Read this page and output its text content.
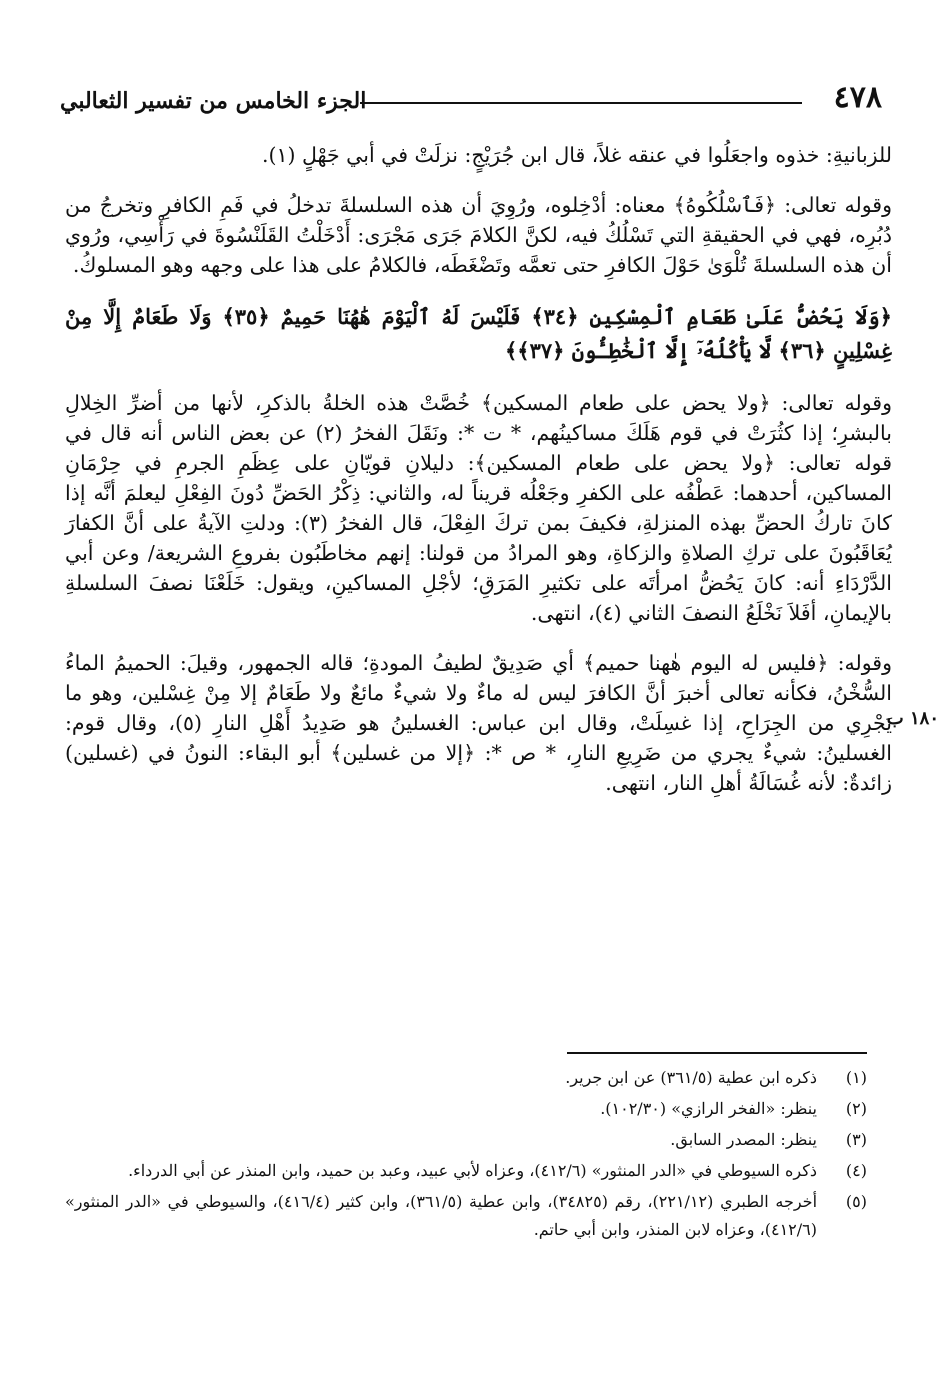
٤٧٨
الجزء الخامس من تفسير الثعالبي
١٨٠ ب

للزبانيةِ: خذوه واجعَلُوا في عنقه غلاً، قال ابن جُرَيْجٍ: نزلَتْ في أبي جَهْلٍ (١).

وقوله تعالى: ﴿فَٱسْلُكُوهُ﴾ معناه: أدْخِلوه، ورُوِيَ أن هذه السلسلةَ تدخلُ في فَمِ الكافرِ وتخرجُ من دُبُرِه، فهي في الحقيقةِ التي تَسْلُكُ فيه، لكنَّ الكلامَ جَرَى مَجْرَى: أَدْخَلْتُ القَلَنْسُوةَ في رَأْسِي، ورُوي أن هذه السلسلةَ تُلْوَىٰ حَوْلَ الكافرِ حتى تعمَّه وتَضْغَطَه، فالكلامُ على هذا على وجهه وهو المسلوكُ.

﴿وَلَا يَحُضُّ عَلَىٰ طَعَامِ ٱلْمِسْكِينِ ﴿٣٤﴾ فَلَيْسَ لَهُ ٱلْيَوْمَ هَٰهُنَا حَمِيمٌ ﴿٣٥﴾ وَلَا طَعَامٌ إِلَّا مِنْ غِسْلِينٍ ﴿٣٦﴾ لَّا يَأْكُلُهُۥٓ إِلَّا ٱلْخَٰطِـُٔونَ ﴿٣٧﴾﴾

وقوله تعالى: ﴿ولا يحض على طعام المسكين﴾ خُصَّتْ هذه الخلةُ بالذكرِ، لأنها من أضرِّ الخِلالِ بالبشرِ؛ إذا كثُرَتْ في قوم هَلَكَ مساكينُهم، * ت *: ونَقَلَ الفخرُ (٢) عن بعض الناس أنه قال في قوله تعالى: ﴿ولا يحض على طعام المسكين﴾: دليلانِ قويّانِ على عِظَمِ الجرمِ في حِرْمَانِ المساكين، أحدهما: عَطْفُه على الكفرِ وجَعْلُه قريناً له، والثاني: ذِكْرُ الحَضِّ دُونَ الفِعْلِ ليعلمَ أنَّه إذا كانَ تاركُ الحضِّ بهذه المنزلةِ، فكيفَ بمن تركَ الفِعْلَ، قال الفخرُ (٣): ودلتِ الآيةُ على أنَّ الكفارَ يُعَاقَبُونَ على تركِ الصلاةِ والزكاةِ، وهو المرادُ من قولنا: إنهم مخاطَبُون بفروعِ الشريعة/ وعن أبي الدَّرْدَاءِ أنه: كانَ يَحُضُّ امرأتَه على تكثيرِ المَرَقِ؛ لأجْلِ المساكينِ، ويقول: خَلَعْنَا نصفَ السلسلةِ بالإيمانِ، أفَلاَ نَخْلَعُ النصفَ الثاني (٤)، انتهى.

وقوله: ﴿فليس له اليوم هٰهنا حميم﴾ أي صَدِيقٌ لطيفُ المودةِ؛ قاله الجمهور، وقيلَ: الحميمُ الماءُ السُّخْنُ، فكأنه تعالى أخبرَ أنَّ الكافرَ ليس له ماءٌ ولا شيءٌ مائعٌ ولا طَعَامٌ إلا مِنْ غِسْلين، وهو ما يَجْرِي من الجِرَاحِ، إذا غسِلَتْ، وقال ابن عباس: الغسلينُ هو صَدِيدُ أَهْلِ النارِ (٥)، وقال قوم: الغسلينُ: شيءٌ يجري من ضَرِيعِ النارِ، * ص *: ﴿إلا من غسلين﴾ أبو البقاء: النونُ في (غسلين) زائدةٌ: لأنه غُسَالَةُ أهلِ النار، انتهى.

(١)
ذكره ابن عطية (٣٦١/٥) عن ابن جرير.
(٢)
ينظر: «الفخر الرازي» (١٠٢/٣٠).
(٣)
ينظر: المصدر السابق.
(٤)
ذكره السيوطي في «الدر المنثور» (٤١٢/٦)، وعزاه لأبي عبيد، وعبد بن حميد، وابن المنذر عن أبي الدرداء.
(٥)
أخرجه الطبري (٢٢١/١٢)، رقم (٣٤٨٢٥)، وابن عطية (٣٦١/٥)، وابن كثير (٤١٦/٤)، والسيوطي في «الدر المنثور» (٤١٢/٦)، وعزاه لابن المنذر، وابن أبي حاتم.
